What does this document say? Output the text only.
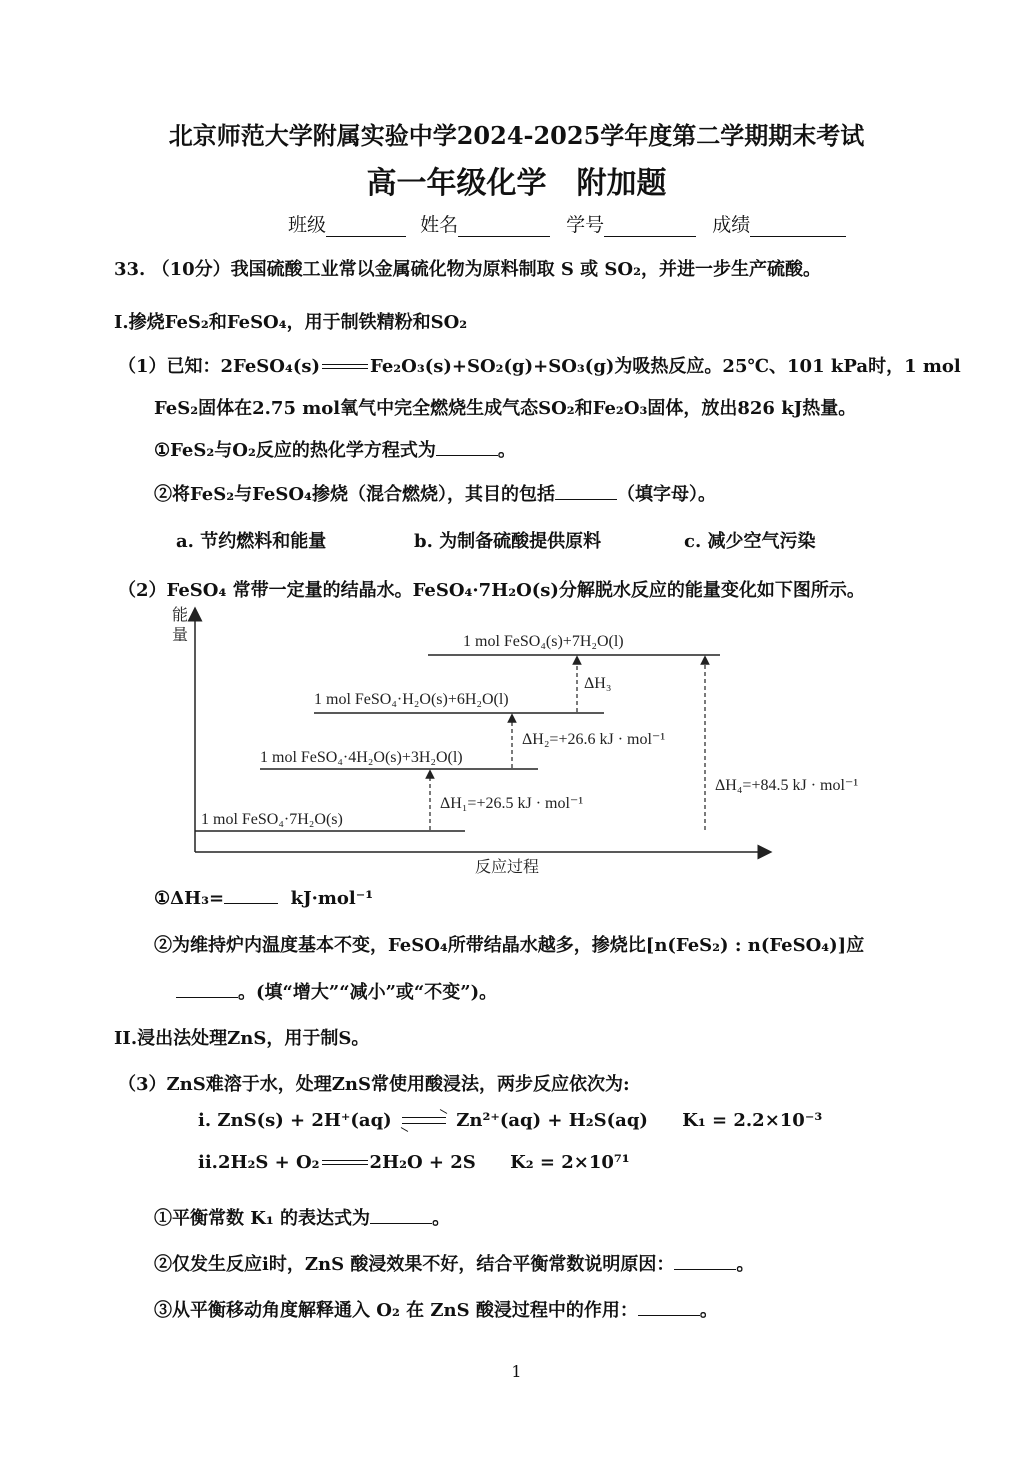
北京师范大学附属实验中学2024-2025学年度第二学期期末考试
高一年级化学　附加题
班级	姓名	学号	成绩
33. （10分）我国硫酸工业常以金属硫化物为原料制取 S 或 SO₂，并进一步生产硫酸。
I.掺烧FeS₂和FeSO₄，用于制铁精粉和SO₂
（1）已知：2FeSO₄(s)	Fe₂O₃(s)+SO₂(g)+SO₃(g)为吸热反应。25℃、101 kPa时，1 mol
FeS₂固体在2.75 mol氧气中完全燃烧生成气态SO₂和Fe₂O₃固体，放出826 kJ热量。
①FeS₂与O₂反应的热化学方程式为	。
②将FeS₂与FeSO₄掺烧（混合燃烧），其目的包括	（填字母）。
a. 节约燃料和能量	b. 为制备硫酸提供原料	c. 减少空气污染
（2）FeSO₄ 常带一定量的结晶水。FeSO₄·7H₂O(s)分解脱水反应的能量变化如下图所示。
能
量
反应过程
1 mol FeSO₄·7H₂O(s)
1 mol FeSO₄·4H₂O(s)+3H₂O(l)
1 mol FeSO₄·H₂O(s)+6H₂O(l)
1 mol FeSO₄(s)+7H₂O(l)
ΔH₁=+26.5 kJ · mol⁻¹
ΔH₂=+26.6 kJ · mol⁻¹
ΔH₃
ΔH₄=+84.5 kJ · mol⁻¹
①ΔH₃=	kJ·mol⁻¹
②为维持炉内温度基本不变，FeSO₄所带结晶水越多，掺烧比[n(FeS₂) : n(FeSO₄)]应
。(填“增大”“减小”或“不变”)。
II.浸出法处理ZnS，用于制S。
（3）ZnS难溶于水，处理ZnS常使用酸浸法，两步反应依次为:
i. ZnS(s) + 2H⁺(aq) ⇌ Zn²⁺(aq) + H₂S(aq) K₁ = 2.2×10⁻³
ii.2H₂S + O₂	2H₂O + 2S K₂ = 2×10⁷¹
①平衡常数 K₁ 的表达式为	。
②仅发生反应i时，ZnS 酸浸效果不好，结合平衡常数说明原因：	。
③从平衡移动角度解释通入 O₂ 在 ZnS 酸浸过程中的作用：	。
1
